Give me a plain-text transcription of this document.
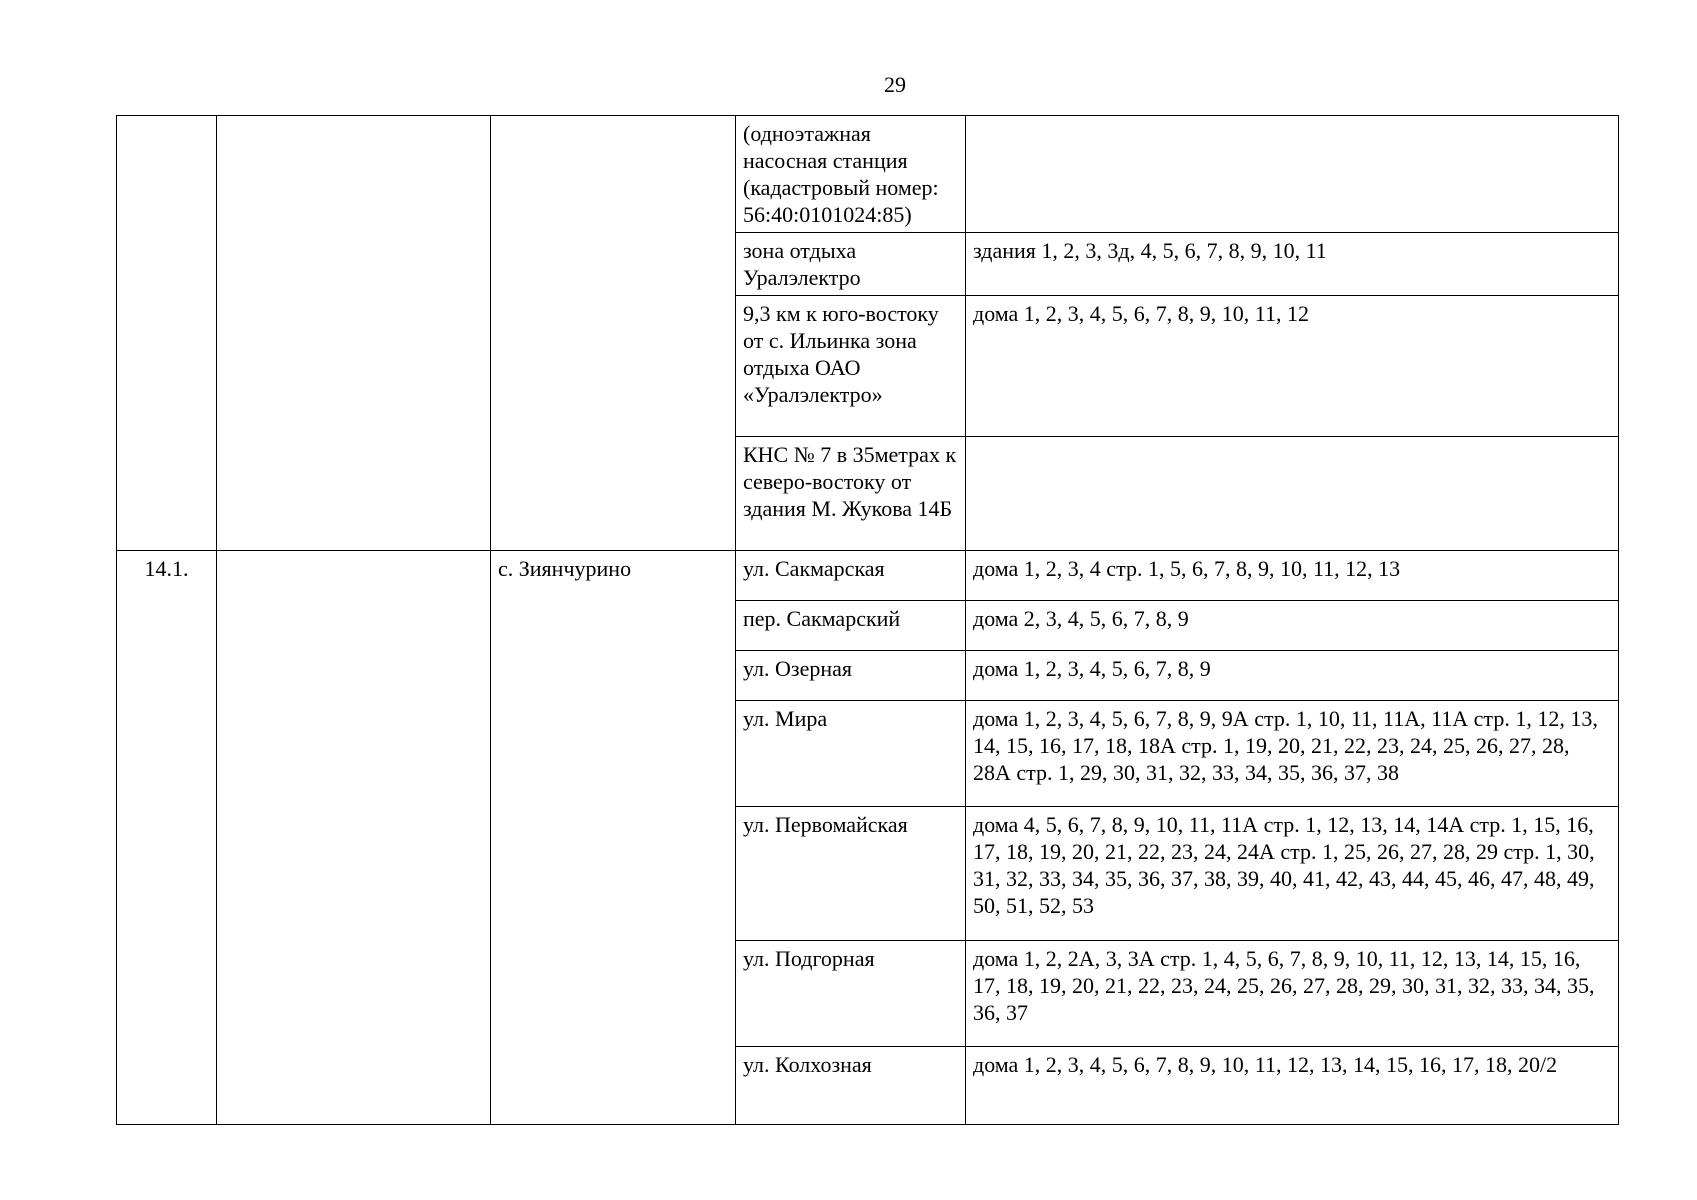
29
			(одноэтажная насосная станция (кадастровый номер: 56:40:0101024:85)	
			зона отдыха Уралэлектро	здания 1, 2, 3, 3д, 4, 5, 6, 7, 8, 9, 10, 11
			9,3 км к юго-востоку от с. Ильинка зона отдыха ОАО «Уралэлектро»	дома 1, 2, 3, 4, 5, 6, 7, 8, 9, 10, 11, 12
			КНС № 7 в 35метрах к северо-востоку от здания М. Жукова 14Б	
14.1.		с. Зиянчурино	ул. Сакмарская	дома 1, 2, 3, 4 стр. 1, 5, 6, 7, 8, 9, 10, 11, 12, 13
			пер. Сакмарский	дома 2, 3, 4, 5, 6, 7, 8, 9
			ул. Озерная	дома 1, 2, 3, 4, 5, 6, 7, 8, 9
			ул. Мира	дома 1, 2, 3, 4, 5, 6, 7, 8, 9, 9А стр. 1, 10, 11, 11А, 11А стр. 1, 12, 13, 14, 15, 16, 17, 18, 18А стр. 1, 19, 20, 21, 22, 23, 24, 25, 26, 27, 28, 28А стр. 1, 29, 30, 31, 32, 33, 34, 35, 36, 37, 38
			ул. Первомайская	дома 4, 5, 6, 7, 8, 9, 10, 11, 11А стр. 1, 12, 13, 14, 14А стр. 1, 15, 16, 17, 18, 19, 20, 21, 22, 23, 24, 24А стр. 1, 25, 26, 27, 28, 29 стр. 1, 30, 31, 32, 33, 34, 35, 36, 37, 38, 39, 40, 41, 42, 43, 44, 45, 46, 47, 48, 49, 50, 51, 52, 53
			ул. Подгорная	дома 1, 2, 2А, 3, 3А стр. 1, 4, 5, 6, 7, 8, 9, 10, 11, 12, 13, 14, 15, 16, 17, 18, 19, 20, 21, 22, 23, 24, 25, 26, 27, 28, 29, 30, 31, 32, 33, 34, 35, 36, 37
			ул. Колхозная	дома 1, 2, 3, 4, 5, 6, 7, 8, 9, 10, 11, 12, 13, 14, 15, 16, 17, 18, 20/2
